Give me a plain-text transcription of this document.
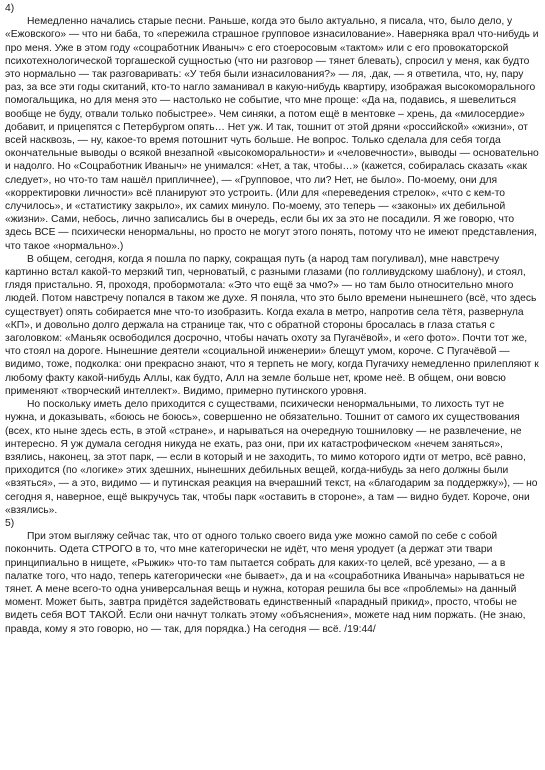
4)

Немедленно начались старые песни. Раньше, когда это было актуально, я писала, что, было дело, у «Ежовского» — что ни баба, то «пережила страшное групповое изнасилование». Наверняка врал что-нибудь и про меня. Уже в этом году «соцработник Иваныч» с его стоеросовым «тактом» или с его провокаторской психотехнологической торгашеской сущностью (что ни разговор — тянет блевать), спросил у меня, как будто это нормально — так разговаривать: «У тебя были изнасилования?» — ля, .дак, — я ответила, что, ну, пару раз, за все эти годы скитаний, кто-то нагло заманивал в какую-нибудь квартиру, изображая высокоморального помогальщика, но для меня это — настолько не событие, что мне проще: «Да на, подавись, я шевелиться вообще не буду, отвали только побыстрее». Чем синяки, а потом ещё в ментовке – хрень, да «милосердие» добавит, и прицепятся с Петербургом опять… Нет уж. И так, тошнит от этой дряни «российской» «жизни», от всей насквозь, — ну, какое-то время потошнит чуть больше. Не вопрос. Только сделала для себя тогда окончательные выводы о всякой внезапной «высокоморальности» и «человечности», выводы — основательно и надолго. Но «Соцработник Иваныч» не унимался: «Нет, а так, чтобы…» (кажется, собиралась сказать «как следует», но что-то там нашёл припличнее), — «Групповое, что ли? Нет, не было». По-моему, они для «корректировки личности» всё планируют это устроить. (Или для «переведения стрелок», «что с кем-то случилось», и «статистику закрыло», их самих минуло. По-моему, это теперь — «законы» их дебильной «жизни». Сами, небось, лично записались бы в очередь, если бы их за это не посадили. Я же говорю, что здесь ВСЕ — психически ненормальны, но просто не могут этого понять, потому что не имеют представления, что такое «нормально».)

В общем, сегодня, когда я пошла по парку, сокращая путь (а народ там погуливал), мне навстречу картинно встал какой-то мерзкий тип, черноватый, с разными глазами (по голливудскому шаблону), и стоял, глядя пристально. Я, проходя, пробормотала: «Это что ещё за чмо?» — но там было относительно много людей. Потом навстречу попался в таком же духе. Я поняла, что это было времени нынешнего (всё, что здесь существует) опять собирается мне что-то изобразить. Когда ехала в метро, напротив села тётя, развернула «КП», и довольно долго держала на странице так, что с обратной стороны бросалась в глаза статья с заголовком: «Маньяк освободился досрочно, чтобы начать охоту за Пугачёвой», и «его фото». Почти тот же, что стоял на дороге. Нынешние деятели «социальной инженерии» блещут умом, короче. С Пугачёвой — видимо, тоже, подколка: они прекрасно знают, что я терпеть не могу, когда Пугачиху немедленно прилепляют к любому факту какой-нибудь Аллы, как будто, Алл на земле больше нет, кроме неё. В общем, они вовсю применяют «творческий интеллект». Видимо, примерно путинского уровня.

Но поскольку иметь дело приходится с существами, психически ненормальными, то лихость тут не нужна, и доказывать, «боюсь не боюсь», совершенно не обязательно. Тошнит от самого их существования (всех, кто ныне здесь есть, в этой «стране», и нарываться на очередную тошниловку — не развлечение, не интересно. Я уж думала сегодня никуда не ехать, раз они, при их катастрофическом «нечем заняться», взялись, наконец, за этот парк, — если в который и не заходить, то мимо которого идти от метро, всё равно, приходится (по «логике» этих здешних, нынешних дебильных вещей, когда-нибудь за него должны были «взяться», — а это, видимо — и путинская реакция на вчерашний текст, на «благодарим за поддержку»), — но сегодня я, наверное, ещё выкручусь так, чтобы парк «оставить в стороне», а там — видно будет. Короче, они «взялись».

5)

При этом выгляжу сейчас так, что от одного только своего вида уже можно самой по себе с собой покончить. Одета СТРОГО в то, что мне категорически не идёт, что меня уродует (а держат эти твари принципиально в нищете, «Рыжик» что-то там пытается собрать для каких-то целей, всё урезано, — а в палатке того, что надо, теперь категорически «не бывает», да и на «соцработника Иваныча» нарываться не тянет. А мене всего-то одна универсальная вещь и нужна, которая решила бы все «проблемы» на данный момент. Может быть, завтра придётся задействовать единственный «парадный прикид», просто, чтобы не видеть себя ВОТ ТАКОЙ. Если они начнут толкать этому «объяснения», можете над ним поржать. (Не знаю, правда, кому я это говорю, но — так, для порядка.) На сегодня — всё. /19:44/
